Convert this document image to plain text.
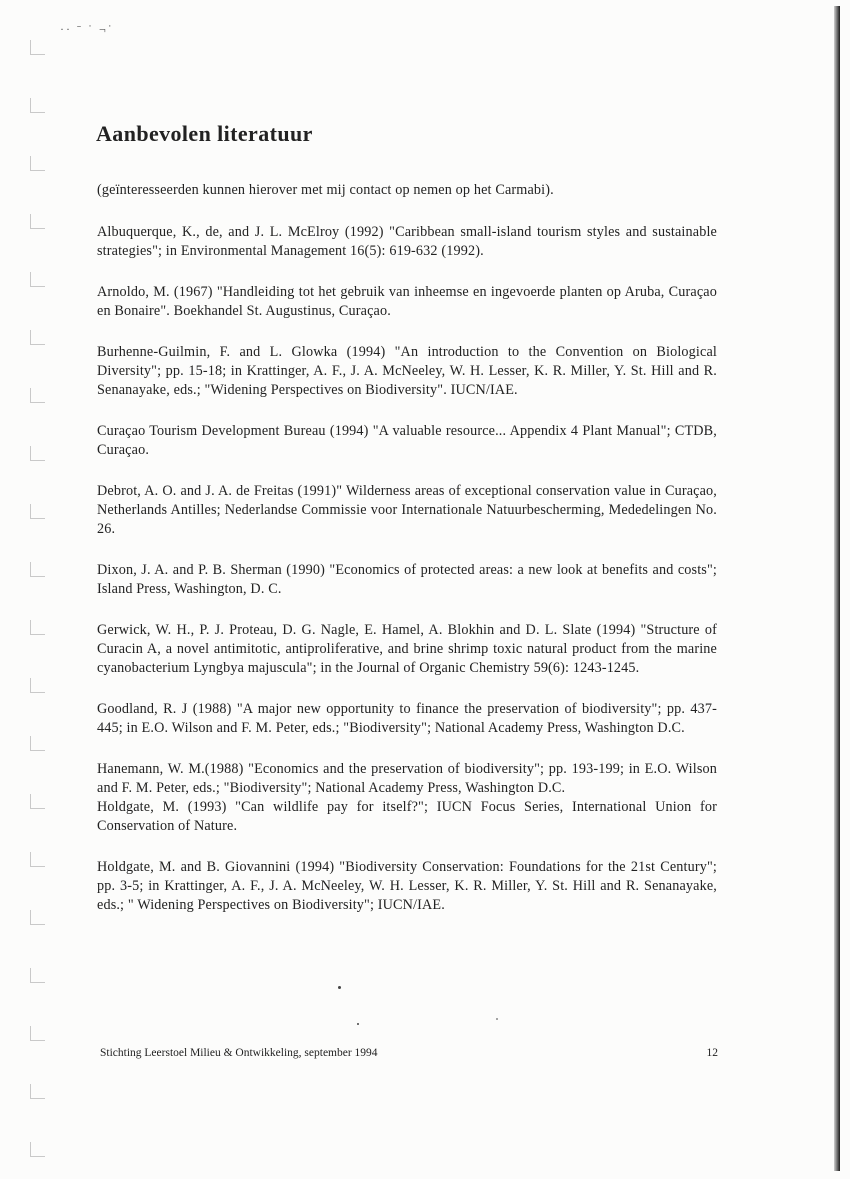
·· ˉ ˙ ¬˙
Aanbevolen literatuur

(geïnteresseerden kunnen hierover met mij contact op nemen op het Carmabi).

Albuquerque, K., de, and J. L. McElroy (1992) "Caribbean small-island tourism styles and sustainable strategies"; in Environmental Management 16(5): 619-632 (1992).

Arnoldo, M. (1967) "Handleiding tot het gebruik van inheemse en ingevoerde planten op Aruba, Curaçao en Bonaire". Boekhandel St. Augustinus, Curaçao.

Burhenne-Guilmin, F. and L. Glowka (1994) "An introduction to the Convention on Biological Diversity"; pp. 15-18; in Krattinger, A. F., J. A. McNeeley, W. H. Lesser, K. R. Miller, Y. St. Hill and R. Senanayake, eds.; "Widening Perspectives on Biodiversity". IUCN/IAE.

Curaçao Tourism Development Bureau (1994) "A valuable resource... Appendix 4 Plant Manual"; CTDB, Curaçao.

Debrot, A. O. and J. A. de Freitas (1991)" Wilderness areas of exceptional conservation value in Curaçao, Netherlands Antilles; Nederlandse Commissie voor Internationale Natuurbescherming, Mededelingen No. 26.

Dixon, J. A. and P. B. Sherman (1990) "Economics of protected areas: a new look at benefits and costs"; Island Press, Washington, D. C.

Gerwick, W. H., P. J. Proteau, D. G. Nagle, E. Hamel, A. Blokhin and D. L. Slate (1994) "Structure of Curacin A, a novel antimitotic, antiproliferative, and brine shrimp toxic natural product from the marine cyanobacterium Lyngbya majuscula"; in the Journal of Organic Chemistry 59(6): 1243-1245.

Goodland, R. J (1988) "A major new opportunity to finance the preservation of biodiversity"; pp. 437-445; in E.O. Wilson and F. M. Peter, eds.; "Biodiversity"; National Academy Press, Washington D.C.

Hanemann, W. M.(1988) "Economics and the preservation of biodiversity"; pp. 193-199; in E.O. Wilson and F. M. Peter, eds.; "Biodiversity"; National Academy Press, Washington D.C.

Holdgate, M. (1993) "Can wildlife pay for itself?"; IUCN Focus Series, International Union for Conservation of Nature.

Holdgate, M. and B. Giovannini (1994) "Biodiversity Conservation: Foundations for the 21st Century"; pp. 3-5; in Krattinger, A. F., J. A. McNeeley, W. H. Lesser, K. R. Miller, Y. St. Hill and R. Senanayake, eds.; " Widening Perspectives on Biodiversity"; IUCN/IAE.

Stichting Leerstoel Milieu & Ontwikkeling, september 1994	12
